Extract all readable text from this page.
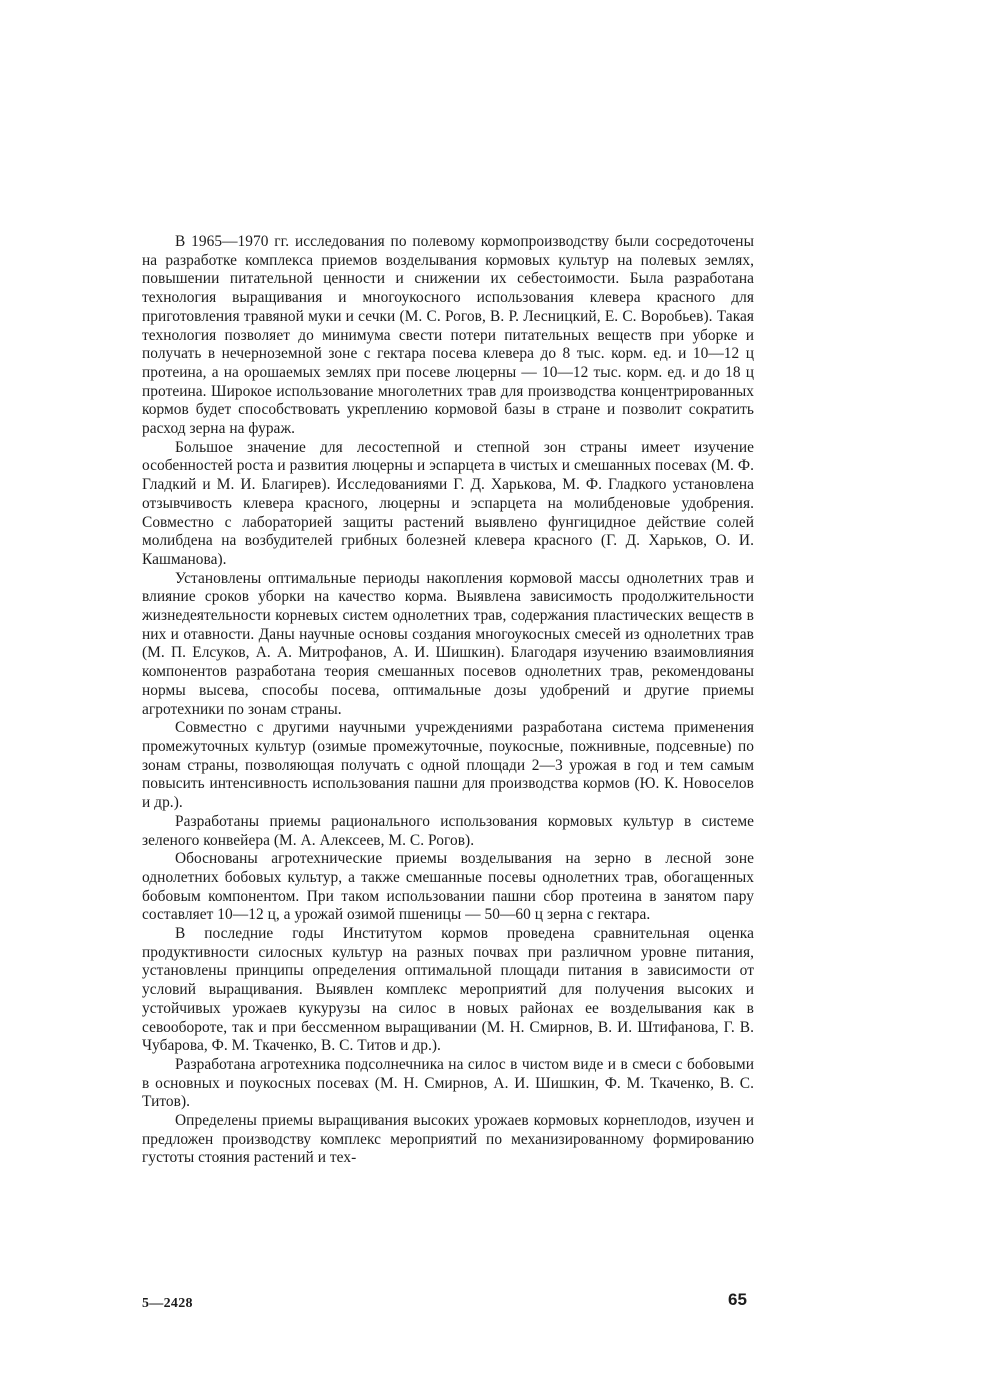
В 1965—1970 гг. исследования по полевому кормопроизводству были сосредоточены на разработке комплекса приемов возделывания кормовых культур на полевых землях, повышении питательной ценности и снижении их себестоимости. Была разработана технология выращивания и многоукосного использования клевера красного для приготовления травяной муки и сечки (М. С. Рогов, В. Р. Лесницкий, Е. С. Воробьев). Такая технология позволяет до минимума свести потери питательных веществ при уборке и получать в нечерноземной зоне с гектара посева клевера до 8 тыс. корм. ед. и 10—12 ц протеина, а на орошаемых землях при посеве люцерны — 10—12 тыс. корм. ед. и до 18 ц протеина. Широкое использование многолетних трав для производства концентрированных кормов будет способствовать укреплению кормовой базы в стране и позволит сократить расход зерна на фураж.

Большое значение для лесостепной и степной зон страны имеет изучение особенностей роста и развития люцерны и эспарцета в чистых и смешанных посевах (М. Ф. Гладкий и М. И. Благирев). Исследованиями Г. Д. Харькова, М. Ф. Гладкого установлена отзывчивость клевера красного, люцерны и эспарцета на молибденовые удобрения. Совместно с лабораторией защиты растений выявлено фунгицидное действие солей молибдена на возбудителей грибных болезней клевера красного (Г. Д. Харьков, О. И. Кашманова).

Установлены оптимальные периоды накопления кормовой массы однолетних трав и влияние сроков уборки на качество корма. Выявлена зависимость продолжительности жизнедеятельности корневых систем однолетних трав, содержания пластических веществ в них и отавности. Даны научные основы создания многоукосных смесей из однолетних трав (М. П. Елсуков, А. А. Митрофанов, А. И. Шишкин). Благодаря изучению взаимовлияния компонентов разработана теория смешанных посевов однолетних трав, рекомендованы нормы высева, способы посева, оптимальные дозы удобрений и другие приемы агротехники по зонам страны.

Совместно с другими научными учреждениями разработана система применения промежуточных культур (озимые промежуточные, поукосные, пожнивные, подсевные) по зонам страны, позволяющая получать с одной площади 2—3 урожая в год и тем самым повысить интенсивность использования пашни для производства кормов (Ю. К. Новоселов и др.).

Разработаны приемы рационального использования кормовых культур в системе зеленого конвейера (М. А. Алексеев, М. С. Рогов).

Обоснованы агротехнические приемы возделывания на зерно в лесной зоне однолетних бобовых культур, а также смешанные посевы однолетних трав, обогащенных бобовым компонентом. При таком использовании пашни сбор протеина в занятом пару составляет 10—12 ц, а урожай озимой пшеницы — 50—60 ц зерна с гектара.

В последние годы Институтом кормов проведена сравнительная оценка продуктивности силосных культур на разных почвах при различном уровне питания, установлены принципы определения оптимальной площади питания в зависимости от условий выращивания. Выявлен комплекс мероприятий для получения высоких и устойчивых урожаев кукурузы на силос в новых районах ее возделывания как в севообороте, так и при бессменном выращивании (М. Н. Смирнов, В. И. Штифанова, Г. В. Чубарова, Ф. М. Ткаченко, В. С. Титов и др.).

Разработана агротехника подсолнечника на силос в чистом виде и в смеси с бобовыми в основных и поукосных посевах (М. Н. Смирнов, А. И. Шишкин, Ф. М. Ткаченко, В. С. Титов).

Определены приемы выращивания высоких урожаев кормовых корнеплодов, изучен и предложен производству комплекс мероприятий по механизированному формированию густоты стояния растений и тех-

5—2428	65
